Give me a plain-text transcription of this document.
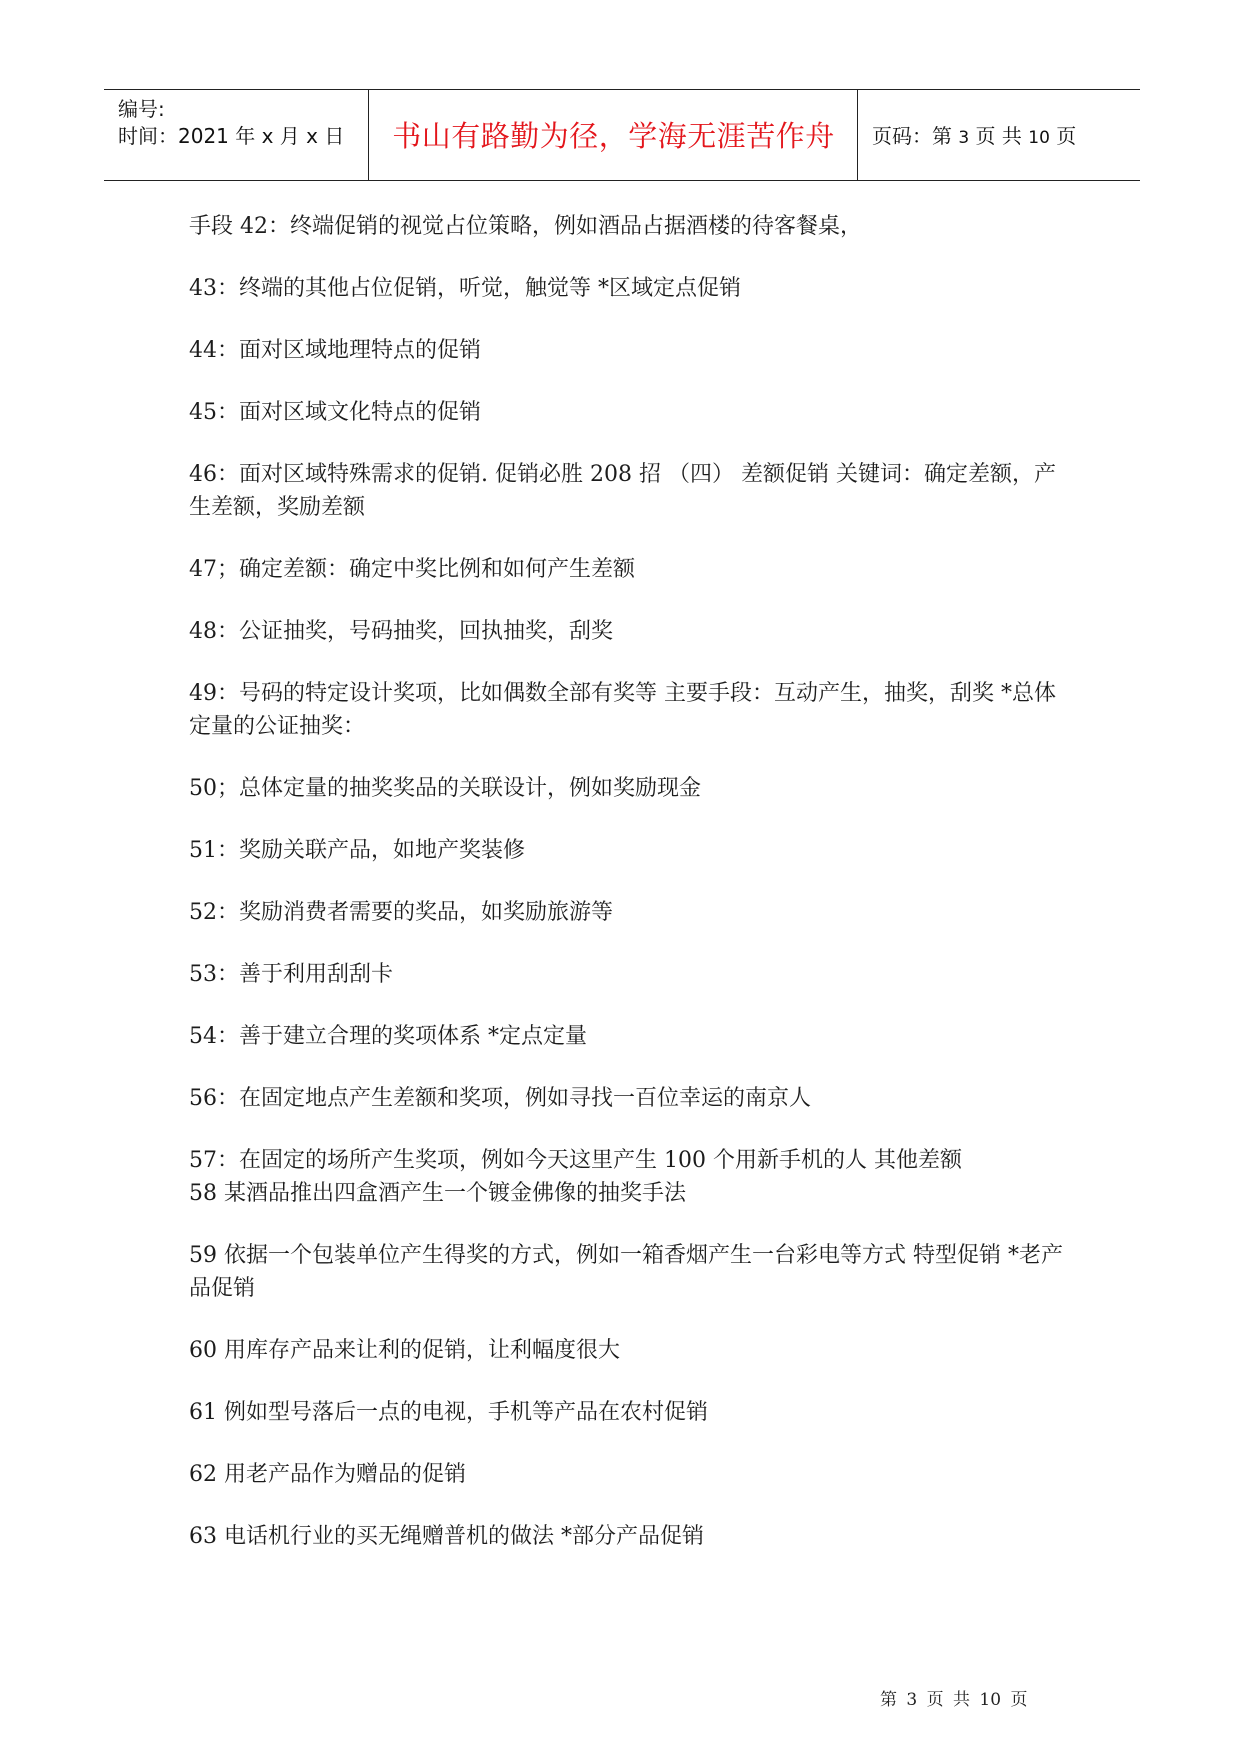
编号:
时间：2021 年 x 月 x 日	书山有路勤为径，学海无涯苦作舟	页码：第 3 页 共 10 页

手段 42：终端促销的视觉占位策略，例如酒品占据酒楼的待客餐桌，

43：终端的其他占位促销，听觉，触觉等 *区域定点促销

44：面对区域地理特点的促销

45：面对区域文化特点的促销

46：面对区域特殊需求的促销. 促销必胜 208 招 （四） 差额促销 关键词：确定差额，产生差额，奖励差额

47；确定差额：确定中奖比例和如何产生差额

48：公证抽奖，号码抽奖，回执抽奖，刮奖

49：号码的特定设计奖项，比如偶数全部有奖等 主要手段：互动产生，抽奖，刮奖 *总体定量的公证抽奖：

50；总体定量的抽奖奖品的关联设计，例如奖励现金

51：奖励关联产品，如地产奖装修

52：奖励消费者需要的奖品，如奖励旅游等

53：善于利用刮刮卡

54：善于建立合理的奖项体系 *定点定量

56：在固定地点产生差额和奖项，例如寻找一百位幸运的南京人

57：在固定的场所产生奖项，例如今天这里产生 100 个用新手机的人 其他差额
58 某酒品推出四盒酒产生一个镀金佛像的抽奖手法

59 依据一个包装单位产生得奖的方式，例如一箱香烟产生一台彩电等方式 特型促销 *老产品促销

60 用库存产品来让利的促销，让利幅度很大

61 例如型号落后一点的电视，手机等产品在农村促销

62 用老产品作为赠品的促销

63 电话机行业的买无绳赠普机的做法 *部分产品促销

第 3 页 共 10 页
